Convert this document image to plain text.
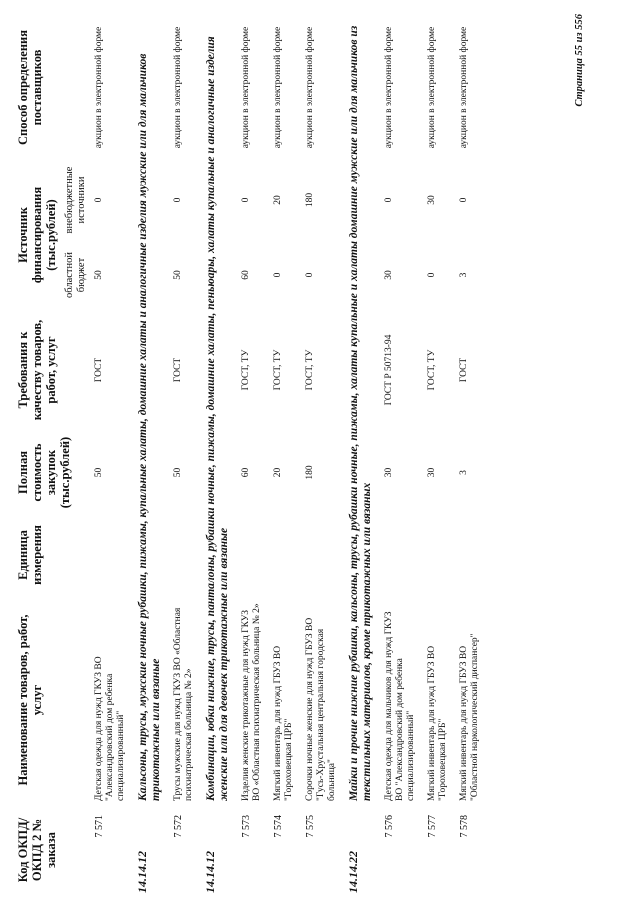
Код ОКПД/ ОКПД 2 № заказа	Наименование товаров, работ, услуг	Единица измерения	Полная стоимость закупок (тыс.рублей)	Требования к качеству товаров, работ, услуг	Источник финансирования (тыс.рублей)		Способ определения поставщиков
					областной бюджет	внебюджетные источники	
7 571	Детская одежда для нужд ГКУЗ ВО "Александровский дом ребенка специализированный"		50	ГОСТ	50	0	аукцион в электронной форме
14.14.12	Кальсоны, трусы, мужские ночные рубашки, пижамы, купальные халаты, домашние халаты и аналогичные изделия мужские или для мальчиков трикотажные или вязаные						
7 572	Трусы мужские для нужд ГКУЗ ВО «Областная психиатрическая больница № 2»		50	ГОСТ	50	0	аукцион в электронной форме
14.14.12	Комбинации, юбки нижние, трусы, панталоны, рубашки ночные, пижамы, домашние халаты, пеньюары, халаты купальные и аналогичные изделия женские или для девочек трикотажные или вязаные						
7 573	Изделия женские трикотажные для нужд ГКУЗ ВО «Областная психиатрическая больница № 2»		60	ГОСТ, ТУ	60	0	аукцион в электронной форме
7 574	Мягкий инвентарь для нужд ГБУЗ ВО "Гороховецкая ЦРБ"		20	ГОСТ, ТУ	0	20	аукцион в электронной форме
7 575	Сорочки ночные женские для нужд ГБУЗ ВО "Гусь-Хрустальная центральная городская больница"		180	ГОСТ, ТУ	0	180	аукцион в электронной форме
14.14.22	Майки и прочие нижние рубашки, кальсоны, трусы, рубашки ночные, пижамы, халаты купальные и халаты домашние мужские или для мальчиков из текстильных материалов, кроме трикотажных или вязаных						
7 576	Детская одежда для мальчиков для нужд ГКУЗ ВО "Александровский дом ребенка специализированный"		30	ГОСТ Р 50713-94	30	0	аукцион в электронной форме
7 577	Мягкий инвентарь для нужд ГБУЗ ВО "Гороховецкая ЦРБ"		30	ГОСТ, ТУ	0	30	аукцион в электронной форме
7 578	Мягкий инвентарь для нужд ГБУЗ ВО "Областной наркологический диспансер"		3	ГОСТ	3	0	аукцион в электронной форме	Страница 55 из 556
